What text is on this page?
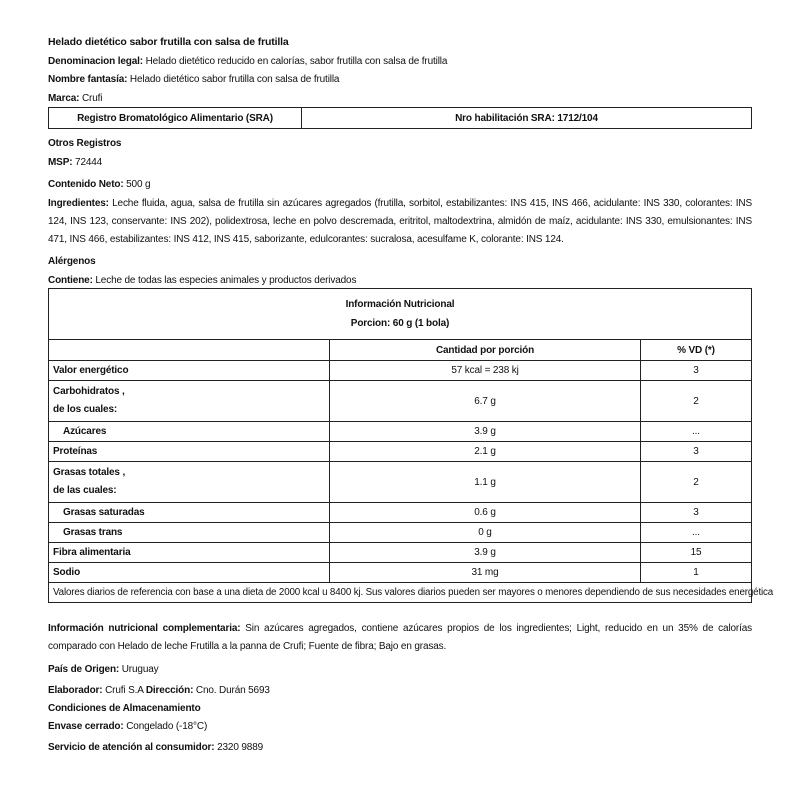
Helado dietético sabor frutilla con salsa de frutilla
Denominacion legal: Helado dietético reducido en calorías, sabor frutilla con salsa de frutilla
Nombre fantasía: Helado dietético sabor frutilla con salsa de frutilla
Marca: Crufi
Registro Bromatológico Alimentario (SRA)	Nro habilitación SRA: 1712/104
Otros Registros
MSP: 72444
Contenido Neto: 500 g
Ingredientes: Leche fluida, agua, salsa de frutilla sin azúcares agregados (frutilla, sorbitol, estabilizantes: INS 415, INS 466, acidulante: INS 330, colorantes: INS 124, INS 123, conservante: INS 202), polidextrosa, leche en polvo descremada, eritritol, maltodextrina, almidón de maíz, acidulante: INS 330, emulsionantes: INS 471, INS 466, estabilizantes: INS 412, INS 415, saborizante, edulcorantes: sucralosa, acesulfame K, colorante: INS 124.
Alérgenos
Contiene: Leche de todas las especies animales y productos derivados
Información Nutricional
Porcion: 60 g (1 bola)		

	Cantidad por porción	% VD (*)
Valor energético	57 kcal = 238 kj	3

Carbohidratos ,
de los cuales:	6.7 g	2
Azúcares	3.9 g	...
Proteínas	2.1 g	3

Grasas totales ,
de las cuales:	1.1 g	2
Grasas saturadas	0.6 g	3
Grasas trans	0 g	...
Fibra alimentaria	3.9 g	15
Sodio	31 mg	1
Valores diarios de referencia con base a una dieta de 2000 kcal u 8400 kj. Sus valores diarios pueden ser mayores o menores dependiendo de sus necesidades energética		
Información nutricional complementaria: Sin azúcares agregados, contiene azúcares propios de los ingredientes; Light, reducido en un 35% de calorías comparado con Helado de leche Frutilla a la panna de Crufi; Fuente de fibra; Bajo en grasas.
País de Origen: Uruguay
Elaborador: Crufi S.A Dirección: Cno. Durán 5693
Condiciones de Almacenamiento
Envase cerrado: Congelado (-18°C)
Servicio de atención al consumidor: 2320 9889
